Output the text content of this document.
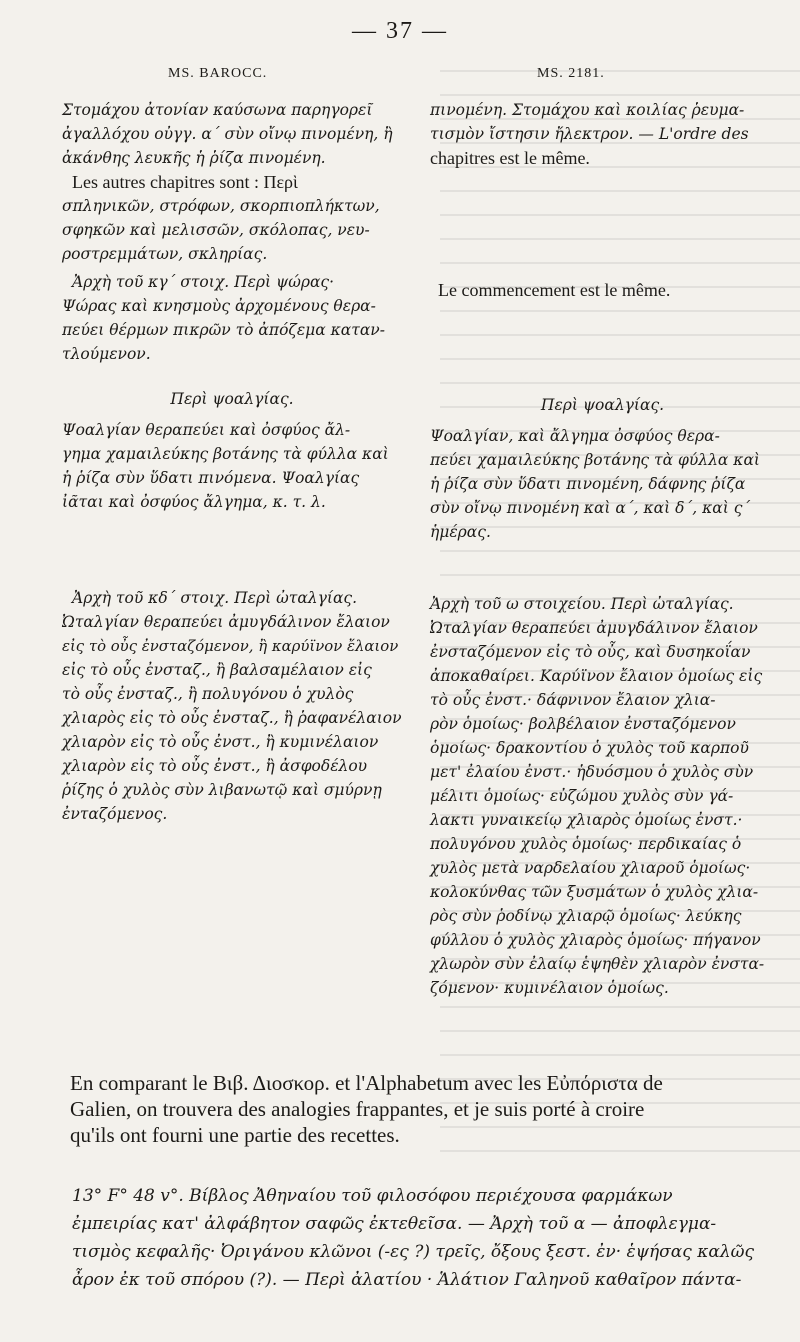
— 37 —
MS. BAROCC.	MS. 2181.

Στομάχου ἀτονίαν καύσωνα παρηγορεῖ

ἀγαλλόχου οὐγγ. α΄ σὺν οἴνῳ πινομένη, ἢ

ἀκάνθης λευκῆς ἡ ῥίζα πινομένη.

Les autres chapitres sont : Περὶ

σπληνικῶν, στρόφων, σκορπιοπλήκτων,

σφηκῶν καὶ μελισσῶν, σκόλοπας, νευ-

ροστρεμμάτων, σκληρίας.

Ἀρχὴ τοῦ κγ΄ στοιχ. Περὶ ψώρας·

Ψώρας καὶ κνησμοὺς ἀρχομένους θερα-

πεύει θέρμων πικρῶν τὸ ἀπόζεμα καταν-

τλούμενον.

Περὶ ψοαλγίας.

Ψοαλγίαν θεραπεύει καὶ ὀσφύος ἄλ-

γημα χαμαιλεύκης βοτάνης τὰ φύλλα καὶ

ἡ ῥίζα σὺν ὕδατι πινόμενα. Ψοαλγίας

ἰᾶται καὶ ὀσφύος ἄλγημα, κ. τ. λ.

Ἀρχὴ τοῦ κδ΄ στοιχ. Περὶ ὠταλγίας.

Ὠταλγίαν θεραπεύει ἀμυγδάλινον ἔλαιον

εἰς τὸ οὖς ἐνσταζόμενον, ἢ καρύϊνον ἔλαιον

εἰς τὸ οὖς ἐνσταζ., ἢ βαλσαμέλαιον εἰς

τὸ οὖς ἐνσταζ., ἢ πολυγόνου ὁ χυλὸς

χλιαρὸς εἰς τὸ οὖς ἐνσταζ., ἢ ῥαφανέλαιον

χλιαρὸν εἰς τὸ οὖς ἐνστ., ἢ κυμινέλαιον

χλιαρὸν εἰς τὸ οὖς ἐνστ., ἢ ἀσφοδέλου

ῥίζης ὁ χυλὸς σὺν λιβανωτῷ καὶ σμύρνῃ

ἐνταζόμενος.

πινομένη. Στομάχου καὶ κοιλίας ῥευμα-

τισμὸν ἴστησιν ἤλεκτρον. — L'ordre des

chapitres est le même.

Le commencement est le même.

Περὶ ψοαλγίας.

Ψοαλγίαν, καὶ ἄλγημα ὀσφύος θερα-

πεύει χαμαιλεύκης βοτάνης τὰ φύλλα καὶ

ἡ ῥίζα σὺν ὕδατι πινομένη, δάφνης ῥίζα

σὺν οἴνῳ πινομένη καὶ α΄, καὶ δ΄, καὶ ς΄

ἡμέρας.

Ἀρχὴ τοῦ ω στοιχείου. Περὶ ὠταλγίας.

Ὠταλγίαν θεραπεύει ἀμυγδάλινον ἔλαιον

ἐνσταζόμενον εἰς τὸ οὖς, καὶ δυσηκοΐαν

ἀποκαθαίρει. Καρύϊνον ἔλαιον ὁμοίως εἰς

τὸ οὖς ἐνστ.· δάφνινον ἔλαιον χλια-

ρὸν ὁμοίως· βολβέλαιον ἐνσταζόμενον

ὁμοίως· δρακοντίου ὁ χυλὸς τοῦ καρποῦ

μετ' ἐλαίου ἐνστ.· ἡδυόσμου ὁ χυλὸς σὺν

μέλιτι ὁμοίως· εὐζώμου χυλὸς σὺν γά-

λακτι γυναικείῳ χλιαρὸς ὁμοίως ἐνστ.·

πολυγόνου χυλὸς ὁμοίως· περδικαίας ὁ

χυλὸς μετὰ ναρδελαίου χλιαροῦ ὁμοίως·

κολοκύνθας τῶν ξυσμάτων ὁ χυλὸς χλια-

ρὸς σὺν ῥοδίνῳ χλιαρῷ ὁμοίως· λεύκης

φύλλου ὁ χυλὸς χλιαρὸς ὁμοίως· πήγανον

χλωρὸν σὺν ἐλαίῳ ἑψηθὲν χλιαρὸν ἐνστα-

ζόμενον· κυμινέλαιον ὁμοίως.

En comparant le Βιβ. Διοσκορ. et l'Alphabetum avec les Εὐπόριστα de

Galien, on trouvera des analogies frappantes, et je suis porté à croire

qu'ils ont fourni une partie des recettes.

13° F° 48 v°. Βίβλος Ἀθηναίου τοῦ φιλοσόφου περιέχουσα φαρμάκων

ἐμπειρίας κατ' ἀλφάβητον σαφῶς ἐκτεθεῖσα. — Ἀρχὴ τοῦ α — ἀποφλεγμα-

τισμὸς κεφαλῆς· Ὀριγάνου κλῶνοι (-ες ?) τρεῖς, ὄξους ξεστ. ἐν· ἑψήσας καλῶς

ἆρον ἐκ τοῦ σπόρου (?). — Περὶ ἀλατίου · Ἁλάτιον Γαληνοῦ καθαῖρον πάντα-
